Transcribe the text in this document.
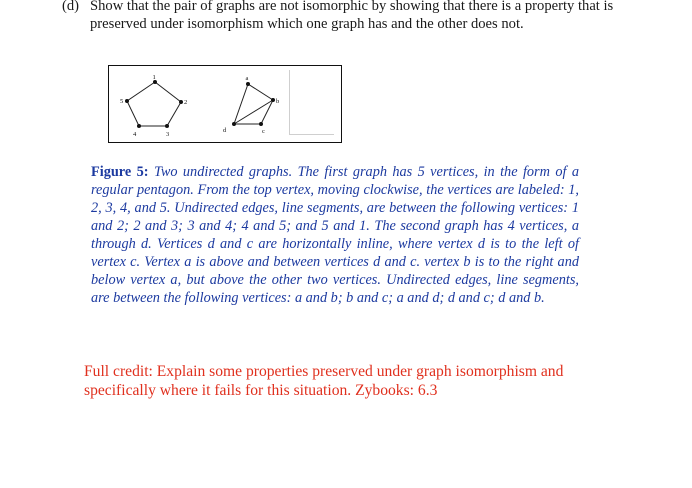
(d) Show that the pair of graphs are not isomorphic by showing that there is a property that is preserved under isomorphism which one graph has and the other does not.
1
2
3
4
5
a
b
c
d
Figure 5: Two undirected graphs. The first graph has 5 vertices, in the form of a regular pentagon. From the top vertex, moving clockwise, the vertices are labeled: 1, 2, 3, 4, and 5. Undirected edges, line segments, are between the following vertices: 1 and 2; 2 and 3; 3 and 4; 4 and 5; and 5 and 1. The second graph has 4 vertices, a through d. Vertices d and c are horizontally inline, where vertex d is to the left of vertex c. Vertex a is above and between vertices d and c. vertex b is to the right and below vertex a, but above the other two vertices. Undirected edges, line segments, are between the following vertices: a and b; b and c; a and d; d and c; d and b.
Full credit: Explain some properties preserved under graph isomorphism and specifically where it fails for this situation. Zybooks: 6.3
